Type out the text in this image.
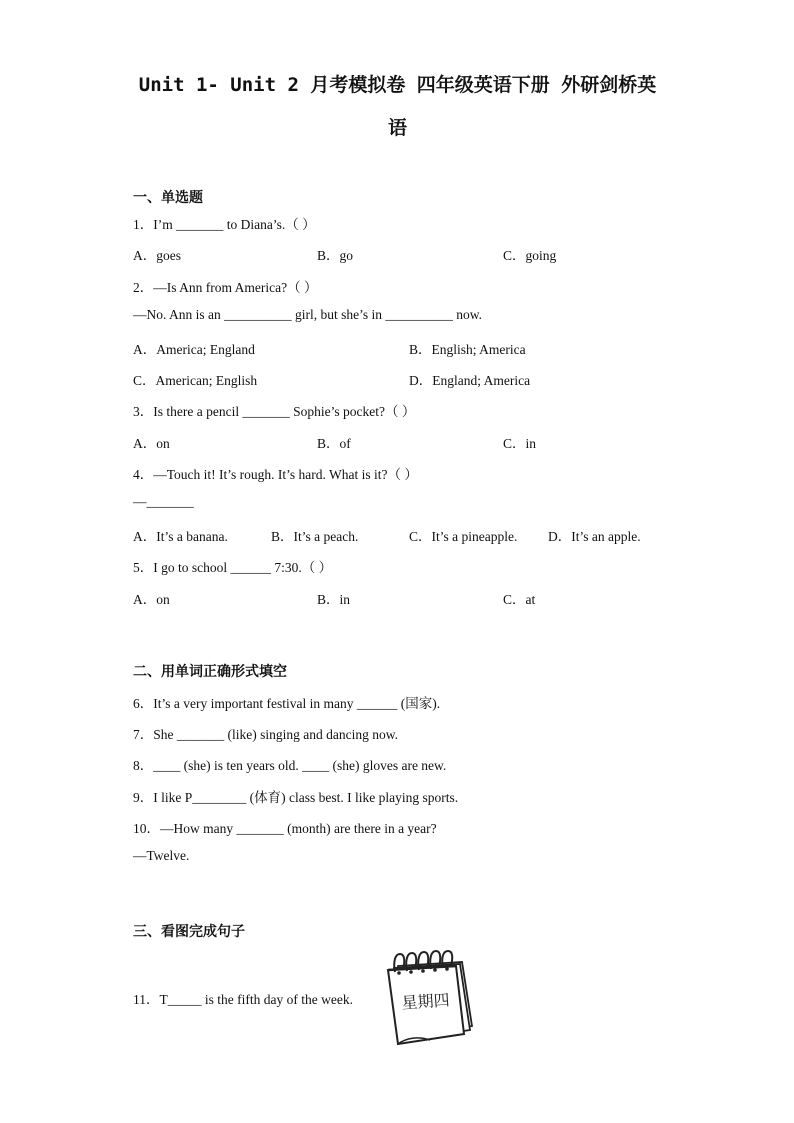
Unit 1- Unit 2 月考模拟卷 四年级英语下册 外研剑桥英
语
一、单选题
1．I’m _______ to Diana’s.（ ）
A．goes	B．go	C．going
2．—Is Ann from America?（ ）
—No. Ann is an __________ girl, but she’s in __________ now.
A．America; England	B．English; America
C．American; English	D．England; America
3．Is there a pencil _______ Sophie’s pocket?（ ）
A．on	B．of	C．in
4．—Touch it! It’s rough. It’s hard. What is it?（ ）
—_______
A．It’s a banana.	B．It’s a peach.	C．It’s a pineapple. D．It’s an apple.
5．I go to school ______ 7:30.（ ）
A．on	B．in	C．at
二、用单词正确形式填空
6．It’s a very important festival in many ______ (国家).
7．She _______ (like) singing and dancing now.
8．____ (she) is ten years old. ____ (she) gloves are new.
9．I like P________ (体育) class best. I like playing sports.
10．—How many _______ (month) are there in a year?
—Twelve.
三、看图完成句子
11．T_____ is the fifth day of the week.	星期四
